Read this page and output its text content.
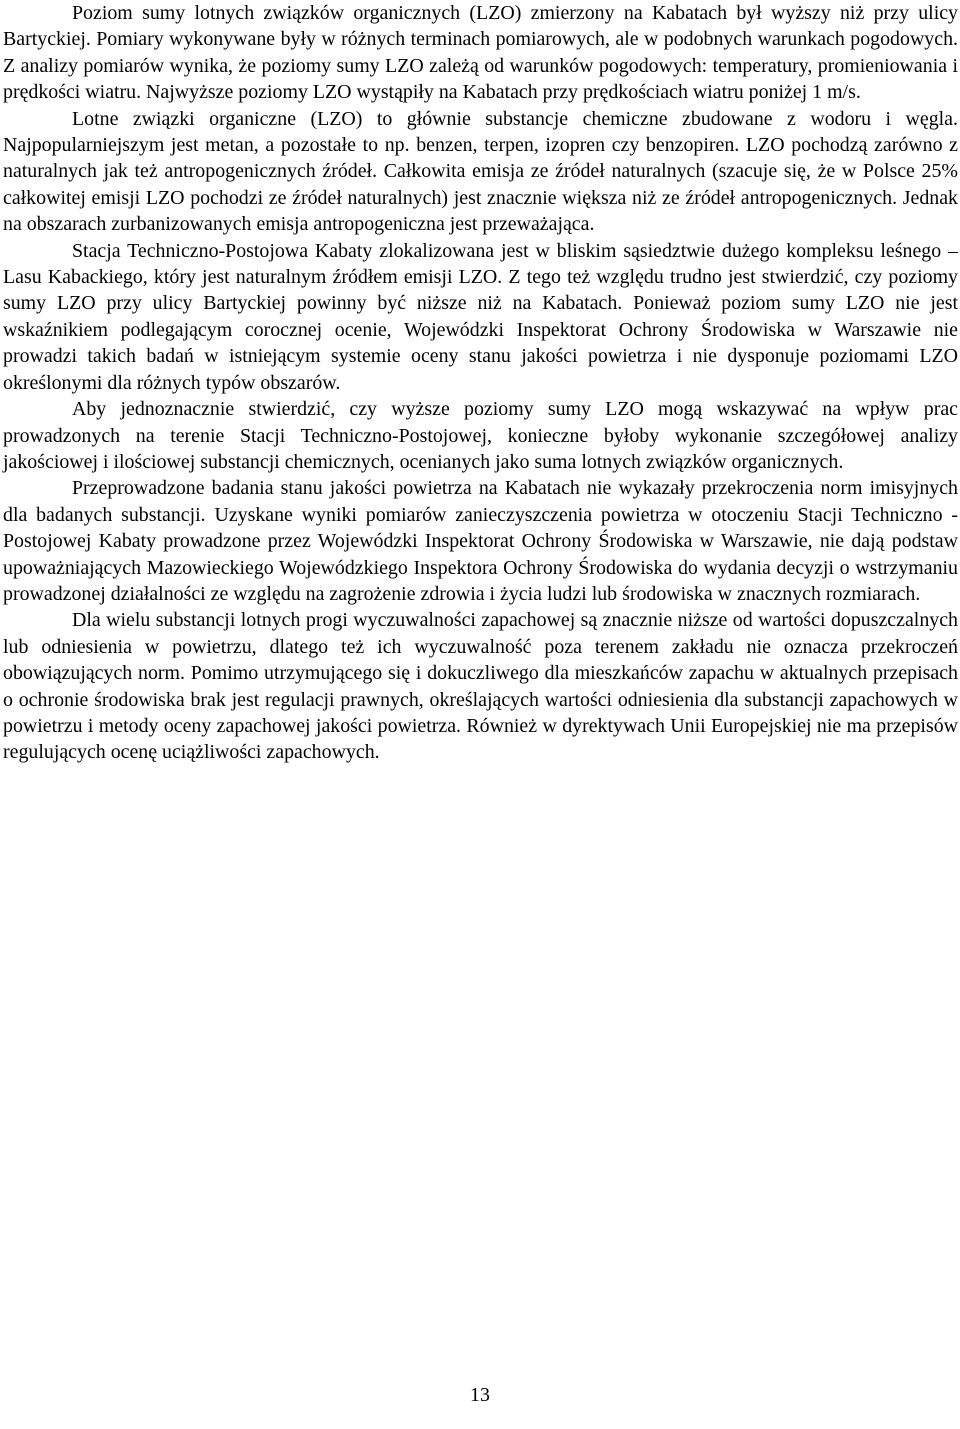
Poziom sumy lotnych związków organicznych (LZO) zmierzony na Kabatach był wyższy niż przy ulicy Bartyckiej. Pomiary wykonywane były w różnych terminach pomiarowych, ale w podobnych warunkach pogodowych. Z analizy pomiarów wynika, że poziomy sumy LZO zależą od warunków pogodowych: temperatury, promieniowania i prędkości wiatru. Najwyższe poziomy LZO wystąpiły na Kabatach przy prędkościach wiatru poniżej 1 m/s.

Lotne związki organiczne (LZO) to głównie substancje chemiczne zbudowane z wodoru i węgla. Najpopularniejszym jest metan, a pozostałe to np. benzen, terpen, izopren czy benzopiren. LZO pochodzą zarówno z naturalnych jak też antropogenicznych źródeł. Całkowita emisja ze źródeł naturalnych (szacuje się, że w Polsce 25% całkowitej emisji LZO pochodzi ze źródeł naturalnych) jest znacznie większa niż ze źródeł antropogenicznych. Jednak na obszarach zurbanizowanych emisja antropogeniczna jest przeważająca.

Stacja Techniczno-Postojowa Kabaty zlokalizowana jest w bliskim sąsiedztwie dużego kompleksu leśnego – Lasu Kabackiego, który jest naturalnym źródłem emisji LZO. Z tego też względu trudno jest stwierdzić, czy poziomy sumy LZO przy ulicy Bartyckiej powinny być niższe niż na Kabatach. Ponieważ poziom sumy LZO nie jest wskaźnikiem podlegającym corocznej ocenie, Wojewódzki Inspektorat Ochrony Środowiska w Warszawie nie prowadzi takich badań w istniejącym systemie oceny stanu jakości powietrza i nie dysponuje poziomami LZO określonymi dla różnych typów obszarów.

Aby jednoznacznie stwierdzić, czy wyższe poziomy sumy LZO mogą wskazywać na wpływ prac prowadzonych na terenie Stacji Techniczno-Postojowej, konieczne byłoby wykonanie szczegółowej analizy jakościowej i ilościowej substancji chemicznych, ocenianych jako suma lotnych związków organicznych.

Przeprowadzone badania stanu jakości powietrza na Kabatach nie wykazały przekroczenia norm imisyjnych dla badanych substancji. Uzyskane wyniki pomiarów zanieczyszczenia powietrza w otoczeniu Stacji Techniczno - Postojowej Kabaty prowadzone przez Wojewódzki Inspektorat Ochrony Środowiska w Warszawie, nie dają podstaw upoważniających Mazowieckiego Wojewódzkiego Inspektora Ochrony Środowiska do wydania decyzji o wstrzymaniu prowadzonej działalności ze względu na zagrożenie zdrowia i życia ludzi lub środowiska w znacznych rozmiarach.

Dla wielu substancji lotnych progi wyczuwalności zapachowej są znacznie niższe od wartości dopuszczalnych lub odniesienia w powietrzu, dlatego też ich wyczuwalność poza terenem zakładu nie oznacza przekroczeń obowiązujących norm. Pomimo utrzymującego się i dokuczliwego dla mieszkańców zapachu w aktualnych przepisach o ochronie środowiska brak jest regulacji prawnych, określających wartości odniesienia dla substancji zapachowych w powietrzu i metody oceny zapachowej jakości powietrza. Również w dyrektywach Unii Europejskiej nie ma przepisów regulujących ocenę uciążliwości zapachowych.

13
